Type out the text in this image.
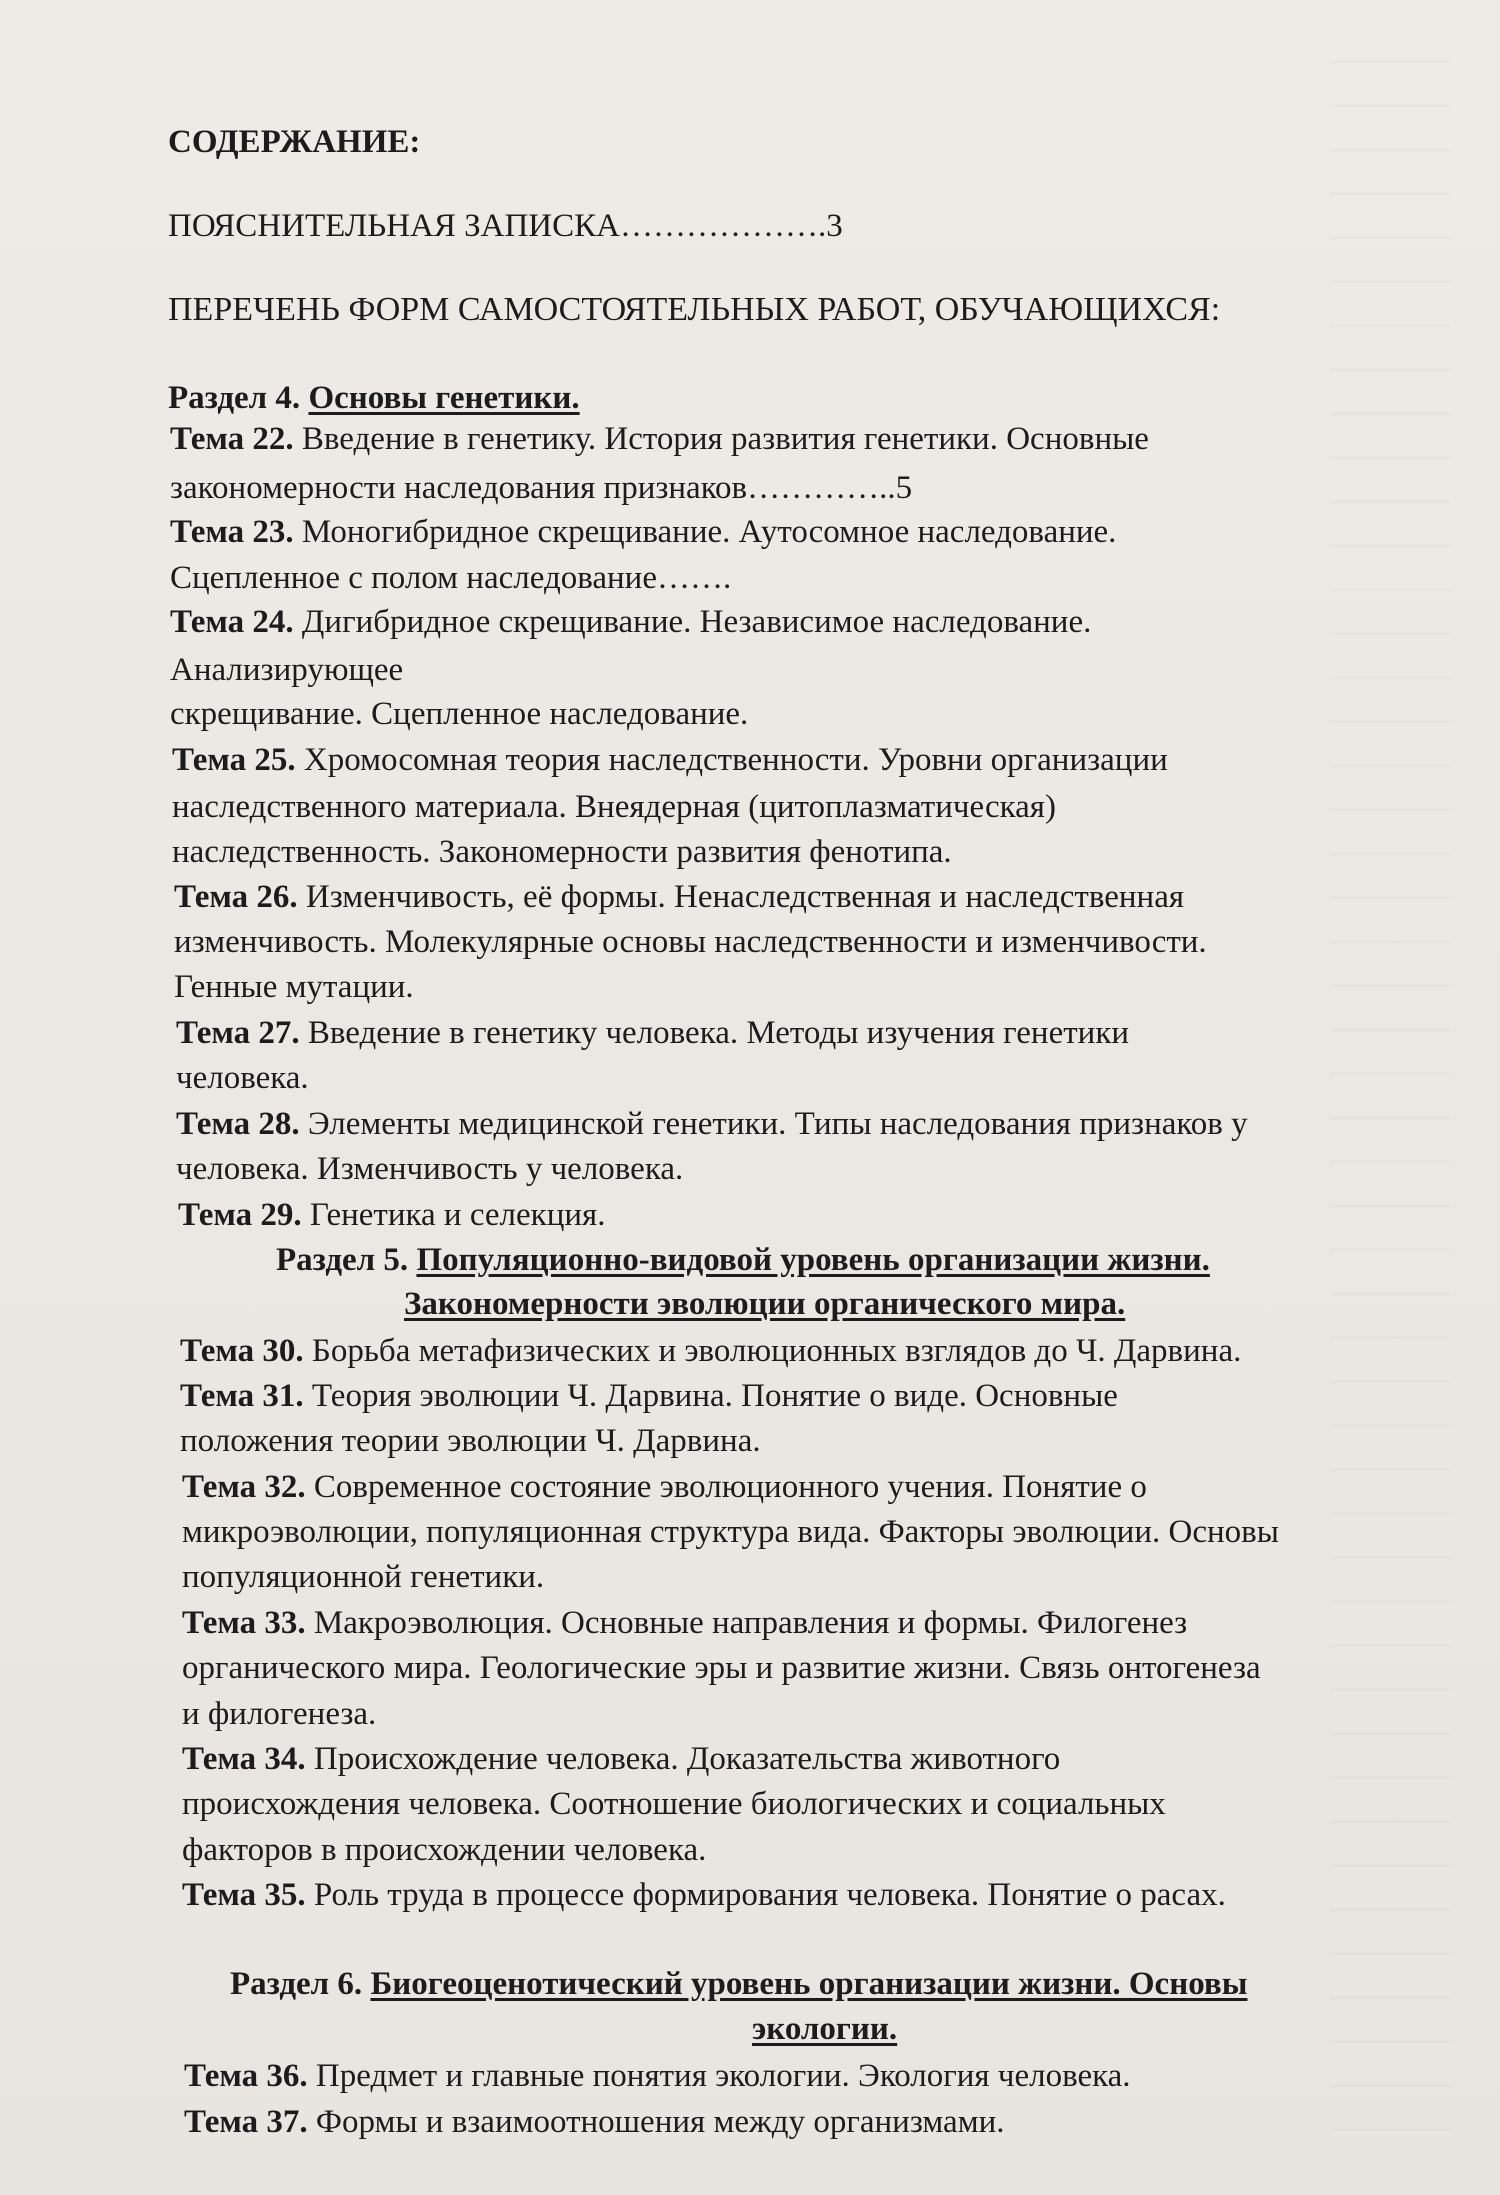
СОДЕРЖАНИЕ:
ПОЯСНИТЕЛЬНАЯ ЗАПИСКА……………….3
ПЕРЕЧЕНЬ ФОРМ САМОСТОЯТЕЛЬНЫХ РАБОТ, ОБУЧАЮЩИХСЯ:
Раздел 4. Основы генетики.
Тема 22. Введение в генетику. История развития генетики. Основные
закономерности наследования признаков…………..5
Тема 23. Моногибридное скрещивание. Аутосомное наследование.
Сцепленное с полом наследование…….
Тема 24. Дигибридное скрещивание. Независимое наследование.
Анализирующее
скрещивание. Сцепленное наследование.
Тема 25. Хромосомная теория наследственности. Уровни организации
наследственного материала. Внеядерная (цитоплазматическая)
наследственность. Закономерности развития фенотипа.
Тема 26. Изменчивость, её формы. Ненаследственная и наследственная
изменчивость. Молекулярные основы наследственности и изменчивости.
Генные мутации.
Тема 27. Введение в генетику человека. Методы изучения генетики
человека.
Тема 28. Элементы медицинской генетики. Типы наследования признаков у
человека. Изменчивость у человека.
Тема 29. Генетика и селекция.
Раздел 5. Популяционно-видовой уровень организации жизни.
Закономерности эволюции органического мира.
Тема 30. Борьба метафизических и эволюционных взглядов до Ч. Дарвина.
Тема 31. Теория эволюции Ч. Дарвина. Понятие о виде. Основные
положения теории эволюции Ч. Дарвина.
Тема 32. Современное состояние эволюционного учения. Понятие о
микроэволюции, популяционная структура вида. Факторы эволюции. Основы
популяционной генетики.
Тема 33. Макроэволюция. Основные направления и формы. Филогенез
органического мира. Геологические эры и развитие жизни. Связь онтогенеза
и филогенеза.
Тема 34. Происхождение человека. Доказательства животного
происхождения человека. Соотношение биологических и социальных
факторов в происхождении человека.
Тема 35. Роль труда в процессе формирования человека. Понятие о расах.
Раздел 6. Биогеоценотический уровень организации жизни. Основы
экологии.
Тема 36. Предмет и главные понятия экологии. Экология человека.
Тема 37. Формы и взаимоотношения между организмами.
